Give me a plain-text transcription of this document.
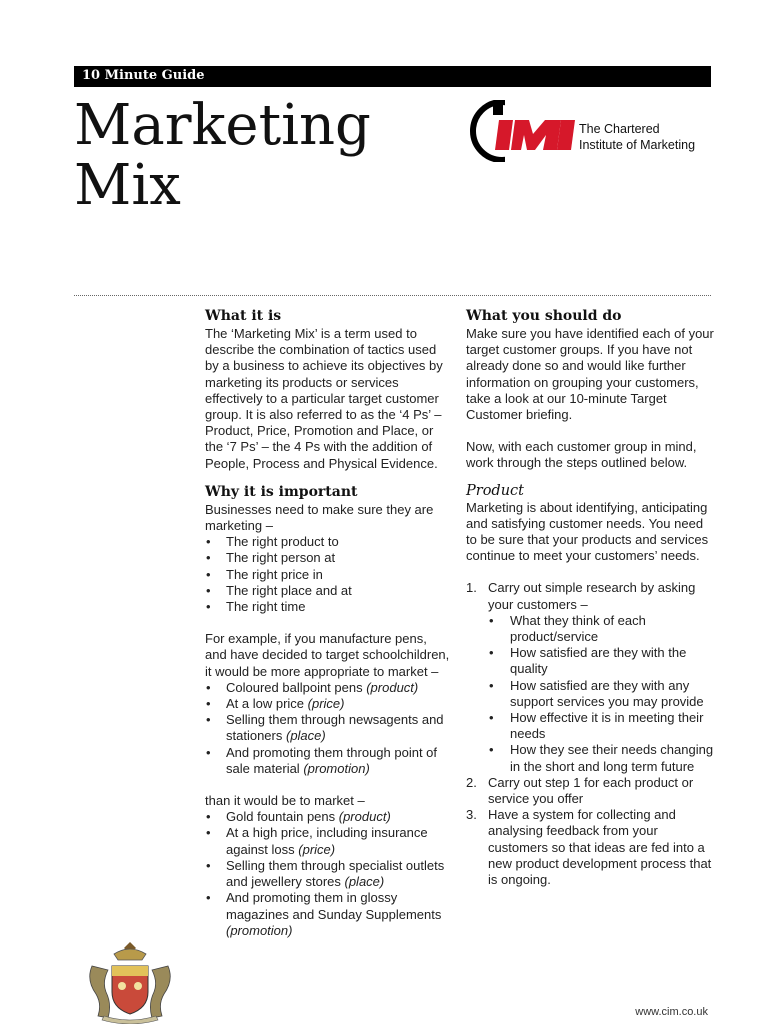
10 Minute Guide
Marketing
Mix
The Chartered
Institute of Marketing
What it is

The ‘Marketing Mix’ is a term used to describe the combination of tactics used by a business to achieve its objectives by marketing its products or services effectively to a particular target customer group. It is also referred to as the ‘4 Ps’ – Product, Price, Promotion and Place, or the ‘7 Ps’ – the 4 Ps with the addition of People, Process and Physical Evidence.

Why it is important

Businesses need to make sure they are marketing –

• The right product to
• The right person at
• The right price in
• The right place and at
• The right time

For example, if you manufacture pens, and have decided to target schoolchildren, it would be more appropriate to market –

• Coloured ballpoint pens (product)
• At a low price (price)
• Selling them through newsagents and stationers (place)
• And promoting them through point of sale material (promotion)

than it would be to market –

• Gold fountain pens (product)
• At a high price, including insurance against loss (price)
• Selling them through specialist outlets and jewellery stores (place)
• And promoting them in glossy magazines and Sunday Supplements (promotion)
What you should do

Make sure you have identified each of your target customer groups. If you have not already done so and would like further information on grouping your customers, take a look at our 10-minute Target Customer briefing.

Now, with each customer group in mind, work through the steps outlined below.

Product

Marketing is about identifying, anticipating and satisfying customer needs. You need to be sure that your products and services continue to meet your customers’ needs.

1. Carry out simple research by asking your customers –
• What they think of each product/service
• How satisfied are they with the quality
• How satisfied are they with any support services you may provide
• How effective it is in meeting their needs
• How they see their needs changing in the short and long term future
2. Carry out step 1 for each product or service you offer
3. Have a system for collecting and analysing feedback from your customers so that ideas are fed into a new product development process that is ongoing.
www.cim.co.uk
